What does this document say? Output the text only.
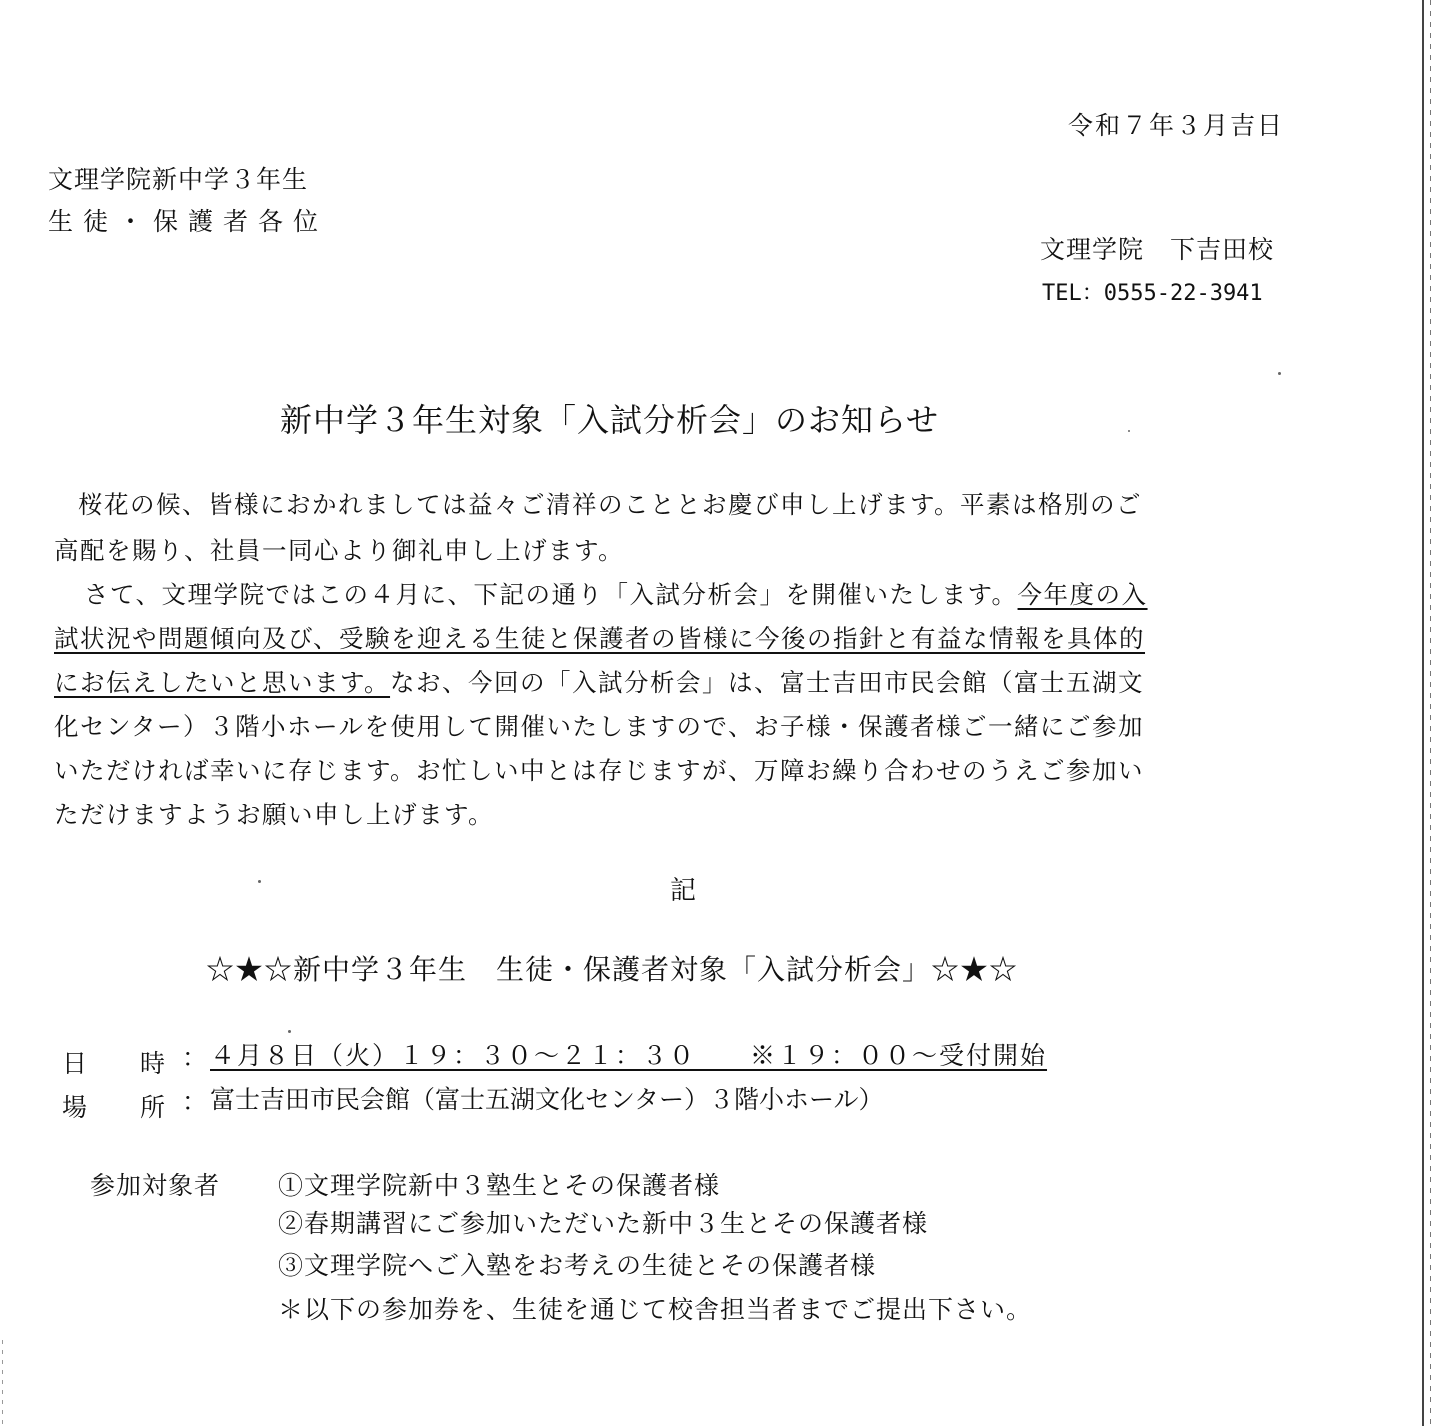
令和７年３月吉日
文理学院新中学３年生
生徒・保護者各位
文理学院　下吉田校
TEL：0555-22-3941
新中学３年生対象「入試分析会」のお知らせ
桜花の候、皆様におかれましては益々ご清祥のこととお慶び申し上げます。平素は格別のご
高配を賜り、社員一同心より御礼申し上げます。
さて、文理学院ではこの４月に、下記の通り「入試分析会」を開催いたします。今年度の入
試状況や問題傾向及び、受験を迎える生徒と保護者の皆様に今後の指針と有益な情報を具体的
にお伝えしたいと思います。なお、今回の「入試分析会」は、富士吉田市民会館（富士五湖文
化センター）３階小ホールを使用して開催いたしますので、お子様・保護者様ご一緒にご参加
いただければ幸いに存じます。お忙しい中とは存じますが、万障お繰り合わせのうえご参加い
ただけますようお願い申し上げます。
記
☆★☆新中学３年生　生徒・保護者対象「入試分析会」☆★☆
日　時 ： ４月８日（火）１９：３０～２１：３０　　※１９：００～受付開始
場　所 ： 富士吉田市民会館（富士五湖文化センター）３階小ホール）
参加対象者 ①文理学院新中３塾生とその保護者様
②春期講習にご参加いただいた新中３生とその保護者様
③文理学院へご入塾をお考えの生徒とその保護者様
＊以下の参加券を、生徒を通じて校舎担当者までご提出下さい。
